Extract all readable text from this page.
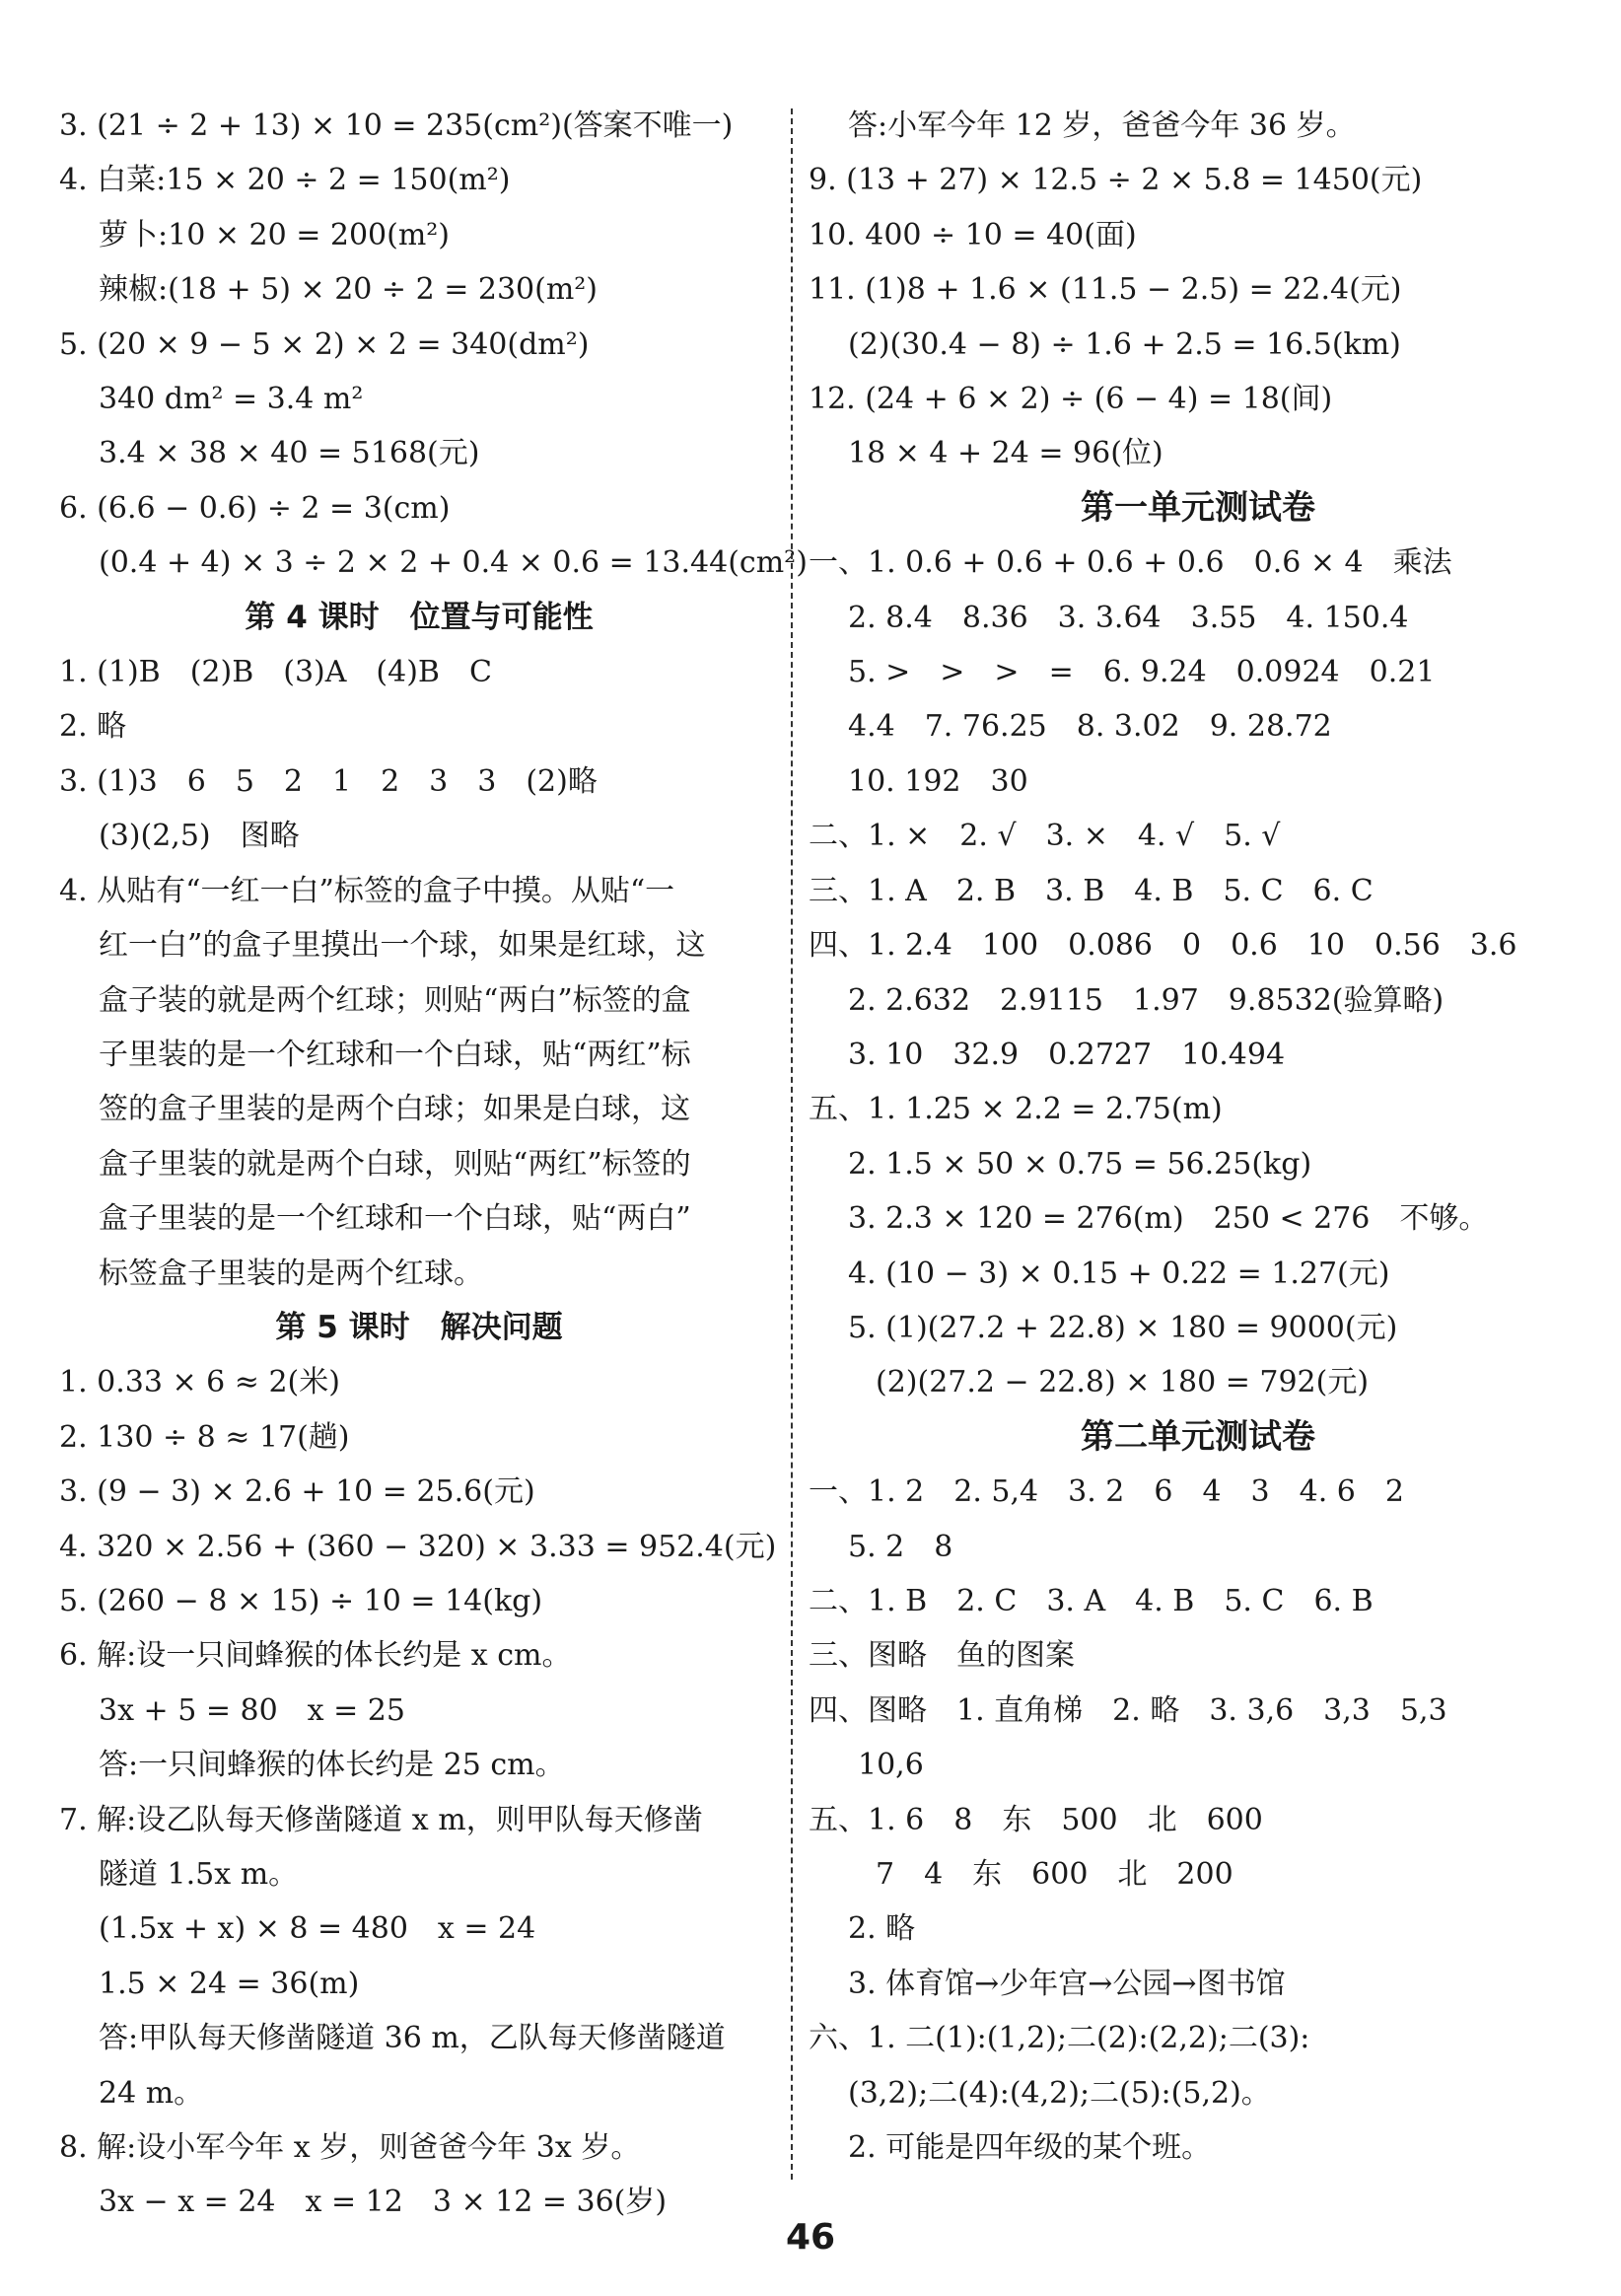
3. (21 ÷ 2 + 13) × 10 = 235(cm²)(答案不唯一)
4. 白菜:15 × 20 ÷ 2 = 150(m²)
萝卜:10 × 20 = 200(m²)
辣椒:(18 + 5) × 20 ÷ 2 = 230(m²)
5. (20 × 9 − 5 × 2) × 2 = 340(dm²)
340 dm² = 3.4 m²
3.4 × 38 × 40 = 5168(元)
6. (6.6 − 0.6) ÷ 2 = 3(cm)
(0.4 + 4) × 3 ÷ 2 × 2 + 0.4 × 0.6 = 13.44(cm²)
第 4 课时　位置与可能性
1. (1)B　(2)B　(3)A　(4)B　C
2. 略
3. (1)3　6　5　2　1　2　3　3　(2)略
(3)(2,5)　图略
4. 从贴有“一红一白”标签的盒子中摸。从贴“一
红一白”的盒子里摸出一个球，如果是红球，这
盒子装的就是两个红球；则贴“两白”标签的盒
子里装的是一个红球和一个白球，贴“两红”标
签的盒子里装的是两个白球；如果是白球，这
盒子里装的就是两个白球，则贴“两红”标签的
盒子里装的是一个红球和一个白球，贴“两白”
标签盒子里装的是两个红球。
第 5 课时　解决问题
1. 0.33 × 6 ≈ 2(米)
2. 130 ÷ 8 ≈ 17(趟)
3. (9 − 3) × 2.6 + 10 = 25.6(元)
4. 320 × 2.56 + (360 − 320) × 3.33 = 952.4(元)
5. (260 − 8 × 15) ÷ 10 = 14(kg)
6. 解:设一只间蜂猴的体长约是 x cm。
3x + 5 = 80　x = 25
答:一只间蜂猴的体长约是 25 cm。
7. 解:设乙队每天修凿隧道 x m，则甲队每天修凿
隧道 1.5x m。
(1.5x + x) × 8 = 480　x = 24
1.5 × 24 = 36(m)
答:甲队每天修凿隧道 36 m，乙队每天修凿隧道
24 m。
8. 解:设小军今年 x 岁，则爸爸今年 3x 岁。
3x − x = 24　x = 12　3 × 12 = 36(岁)
答:小军今年 12 岁，爸爸今年 36 岁。
9. (13 + 27) × 12.5 ÷ 2 × 5.8 = 1450(元)
10. 400 ÷ 10 = 40(面)
11. (1)8 + 1.6 × (11.5 − 2.5) = 22.4(元)
(2)(30.4 − 8) ÷ 1.6 + 2.5 = 16.5(km)
12. (24 + 6 × 2) ÷ (6 − 4) = 18(间)
18 × 4 + 24 = 96(位)
第一单元测试卷
一、1. 0.6 + 0.6 + 0.6 + 0.6　0.6 × 4　乘法
2. 8.4　8.36　3. 3.64　3.55　4. 150.4
5. >　>　>　=　6. 9.24　0.0924　0.21
4.4　7. 76.25　8. 3.02　9. 28.72
10. 192　30
二、1. ×　2. √　3. ×　4. √　5. √
三、1. A　2. B　3. B　4. B　5. C　6. C
四、1. 2.4　100　0.086　0　0.6　10　0.56　3.6
2. 2.632　2.9115　1.97　9.8532(验算略)
3. 10　32.9　0.2727　10.494
五、1. 1.25 × 2.2 = 2.75(m)
2. 1.5 × 50 × 0.75 = 56.25(kg)
3. 2.3 × 120 = 276(m)　250 < 276　不够。
4. (10 − 3) × 0.15 + 0.22 = 1.27(元)
5. (1)(27.2 + 22.8) × 180 = 9000(元)
(2)(27.2 − 22.8) × 180 = 792(元)
第二单元测试卷
一、1. 2　2. 5,4　3. 2　6　4　3　4. 6　2
5. 2　8
二、1. B　2. C　3. A　4. B　5. C　6. B
三、图略　鱼的图案
四、图略　1. 直角梯　2. 略　3. 3,6　3,3　5,3
10,6
五、1. 6　8　东　500　北　600
7　4　东　600　北　200
2. 略
3. 体育馆→少年宫→公园→图书馆
六、1. 二(1):(1,2);二(2):(2,2);二(3):
(3,2);二(4):(4,2);二(5):(5,2)。
2. 可能是四年级的某个班。
46
